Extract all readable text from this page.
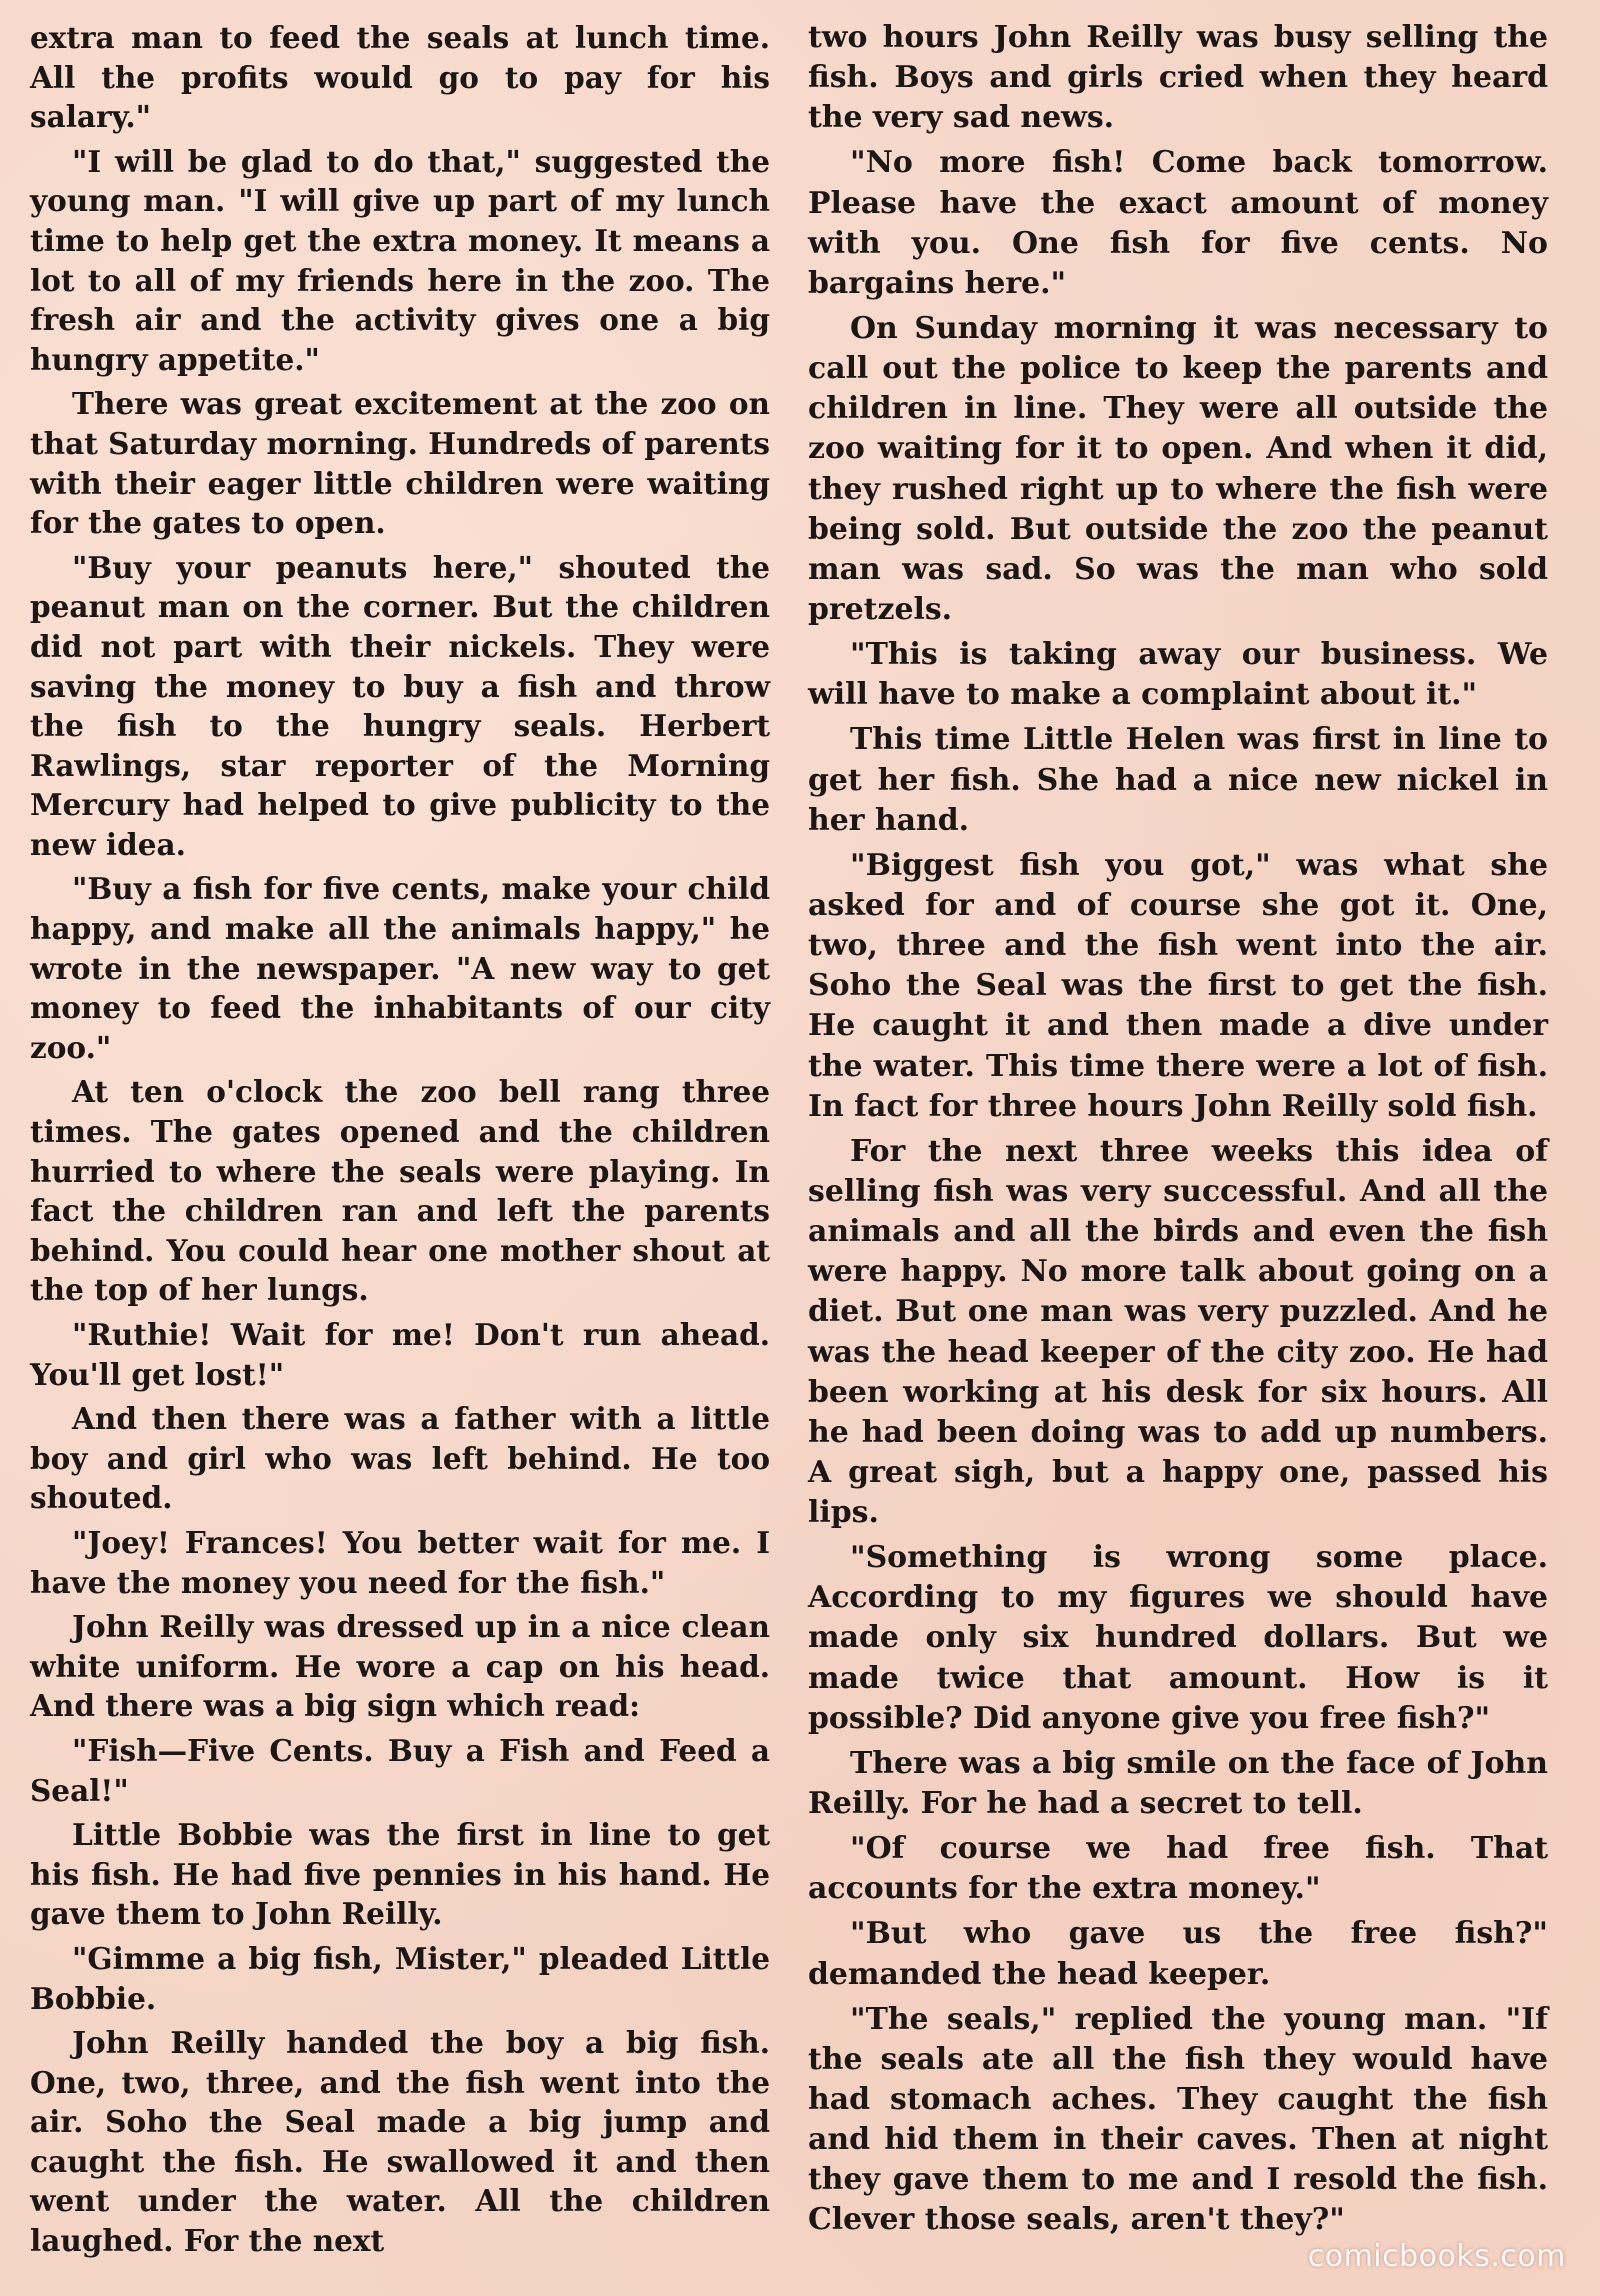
extra man to feed the seals at lunch time. All the profits would go to pay for his salary."

"I will be glad to do that," suggested the young man. "I will give up part of my lunch time to help get the extra money. It means a lot to all of my friends here in the zoo. The fresh air and the activity gives one a big hungry appetite."

There was great excitement at the zoo on that Saturday morning. Hundreds of parents with their eager little children were waiting for the gates to open.

"Buy your peanuts here," shouted the peanut man on the corner. But the children did not part with their nickels. They were saving the money to buy a fish and throw the fish to the hungry seals. Herbert Rawlings, star reporter of the Morning Mercury had helped to give publicity to the new idea.

"Buy a fish for five cents, make your child happy, and make all the animals happy," he wrote in the newspaper. "A new way to get money to feed the inhabitants of our city zoo."

At ten o'clock the zoo bell rang three times. The gates opened and the children hurried to where the seals were playing. In fact the children ran and left the parents behind. You could hear one mother shout at the top of her lungs.

"Ruthie! Wait for me! Don't run ahead. You'll get lost!"

And then there was a father with a little boy and girl who was left behind. He too shouted.

"Joey! Frances! You better wait for me. I have the money you need for the fish."

John Reilly was dressed up in a nice clean white uniform. He wore a cap on his head. And there was a big sign which read:

"Fish—Five Cents. Buy a Fish and Feed a Seal!"

Little Bobbie was the first in line to get his fish. He had five pennies in his hand. He gave them to John Reilly.

"Gimme a big fish, Mister," pleaded Little Bobbie.

John Reilly handed the boy a big fish. One, two, three, and the fish went into the air. Soho the Seal made a big jump and caught the fish. He swallowed it and then went under the water. All the children laughed. For the next

two hours John Reilly was busy selling the fish. Boys and girls cried when they heard the very sad news.

"No more fish! Come back tomorrow. Please have the exact amount of money with you. One fish for five cents. No bargains here."

On Sunday morning it was necessary to call out the police to keep the parents and children in line. They were all outside the zoo waiting for it to open. And when it did, they rushed right up to where the fish were being sold. But outside the zoo the peanut man was sad. So was the man who sold pretzels.

"This is taking away our business. We will have to make a complaint about it."

This time Little Helen was first in line to get her fish. She had a nice new nickel in her hand.

"Biggest fish you got," was what she asked for and of course she got it. One, two, three and the fish went into the air. Soho the Seal was the first to get the fish. He caught it and then made a dive under the water. This time there were a lot of fish. In fact for three hours John Reilly sold fish.

For the next three weeks this idea of selling fish was very successful. And all the animals and all the birds and even the fish were happy. No more talk about going on a diet. But one man was very puzzled. And he was the head keeper of the city zoo. He had been working at his desk for six hours. All he had been doing was to add up numbers. A great sigh, but a happy one, passed his lips.

"Something is wrong some place. According to my figures we should have made only six hundred dollars. But we made twice that amount. How is it possible? Did anyone give you free fish?"

There was a big smile on the face of John Reilly. For he had a secret to tell.

"Of course we had free fish. That accounts for the extra money."

"But who gave us the free fish?" demanded the head keeper.

"The seals," replied the young man. "If the seals ate all the fish they would have had stomach aches. They caught the fish and hid them in their caves. Then at night they gave them to me and I resold the fish. Clever those seals, aren't they?"

comicbooks.com
